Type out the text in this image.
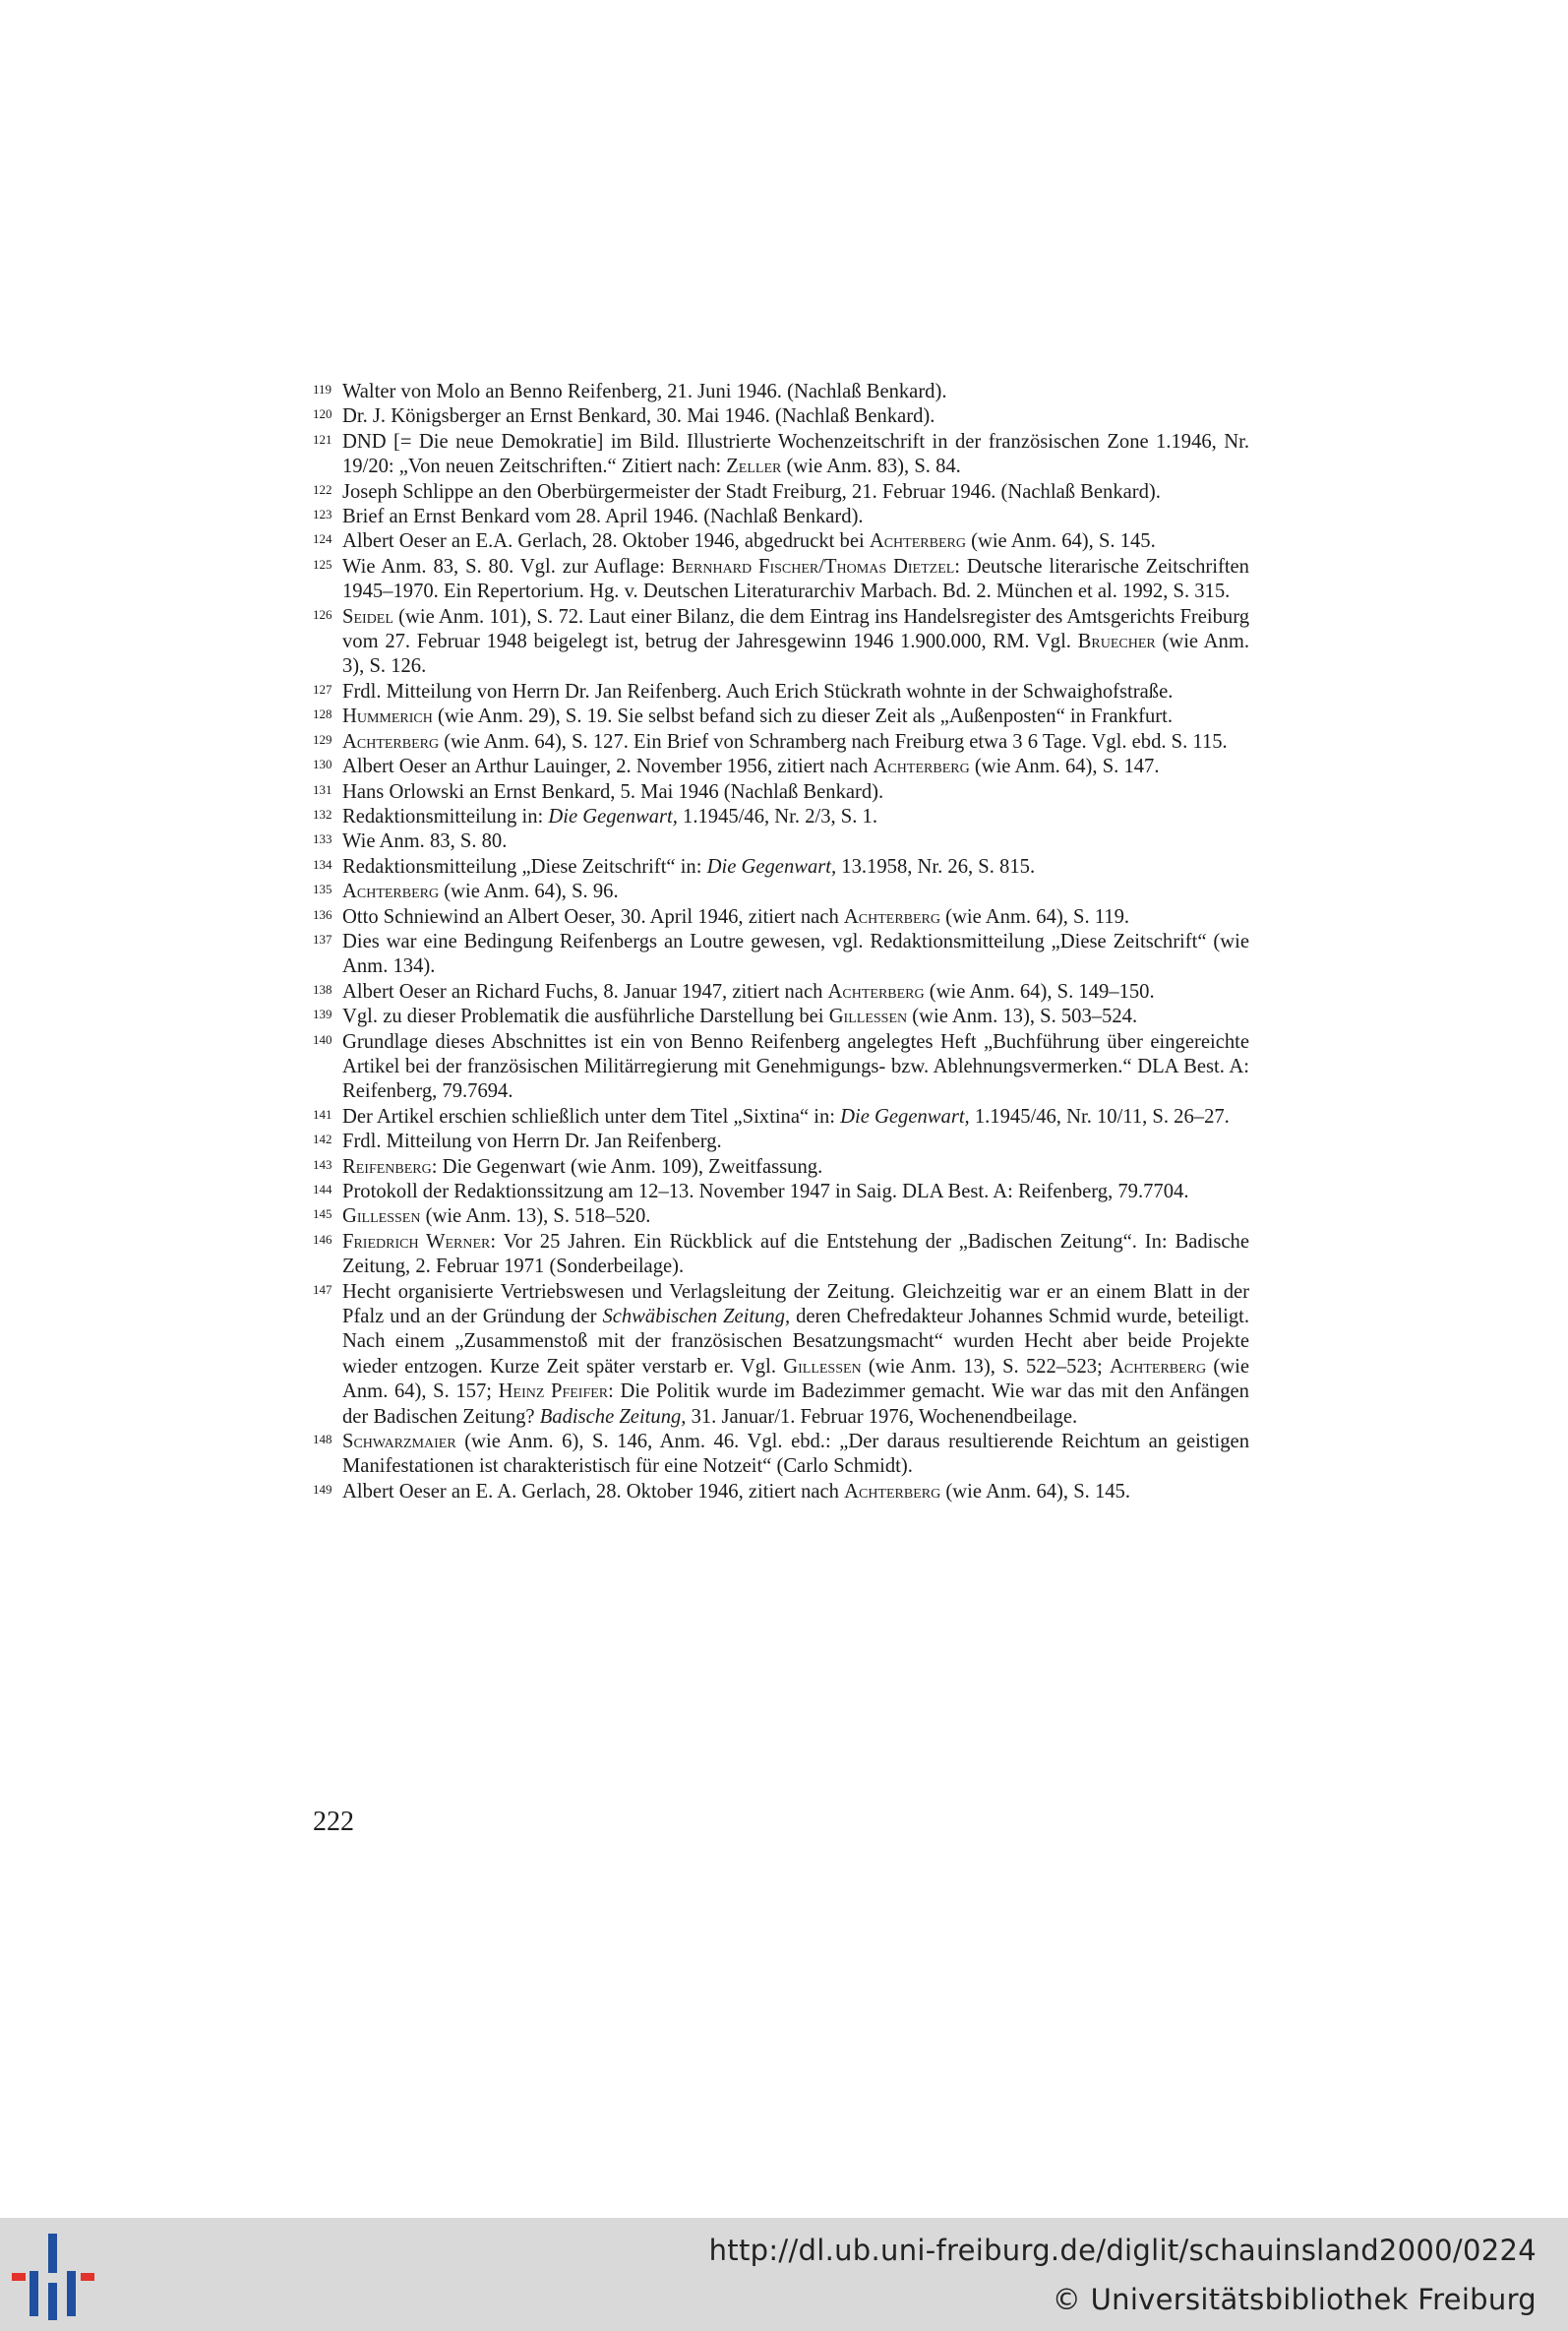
119 Walter von Molo an Benno Reifenberg, 21. Juni 1946. (Nachlaß Benkard).
120 Dr. J. Königsberger an Ernst Benkard, 30. Mai 1946. (Nachlaß Benkard).
121 DND [= Die neue Demokratie] im Bild. Illustrierte Wochenzeitschrift in der französischen Zone 1.1946, Nr. 19/20: „Von neuen Zeitschriften.“ Zitiert nach: Zeller (wie Anm. 83), S. 84.
122 Joseph Schlippe an den Oberbürgermeister der Stadt Freiburg, 21. Februar 1946. (Nachlaß Benkard).
123 Brief an Ernst Benkard vom 28. April 1946. (Nachlaß Benkard).
124 Albert Oeser an E.A. Gerlach, 28. Oktober 1946, abgedruckt bei Achterberg (wie Anm. 64), S. 145.
125 Wie Anm. 83, S. 80. Vgl. zur Auflage: Bernhard Fischer/Thomas Dietzel: Deutsche literarische Zeitschriften 1945–1970. Ein Repertorium. Hg. v. Deutschen Literaturarchiv Marbach. Bd. 2. München et al. 1992, S. 315.
126 Seidel (wie Anm. 101), S. 72. Laut einer Bilanz, die dem Eintrag ins Handelsregister des Amtsgerichts Freiburg vom 27. Februar 1948 beigelegt ist, betrug der Jahresgewinn 1946 1.900.000, RM. Vgl. Bruecher (wie Anm. 3), S. 126.
127 Frdl. Mitteilung von Herrn Dr. Jan Reifenberg. Auch Erich Stückrath wohnte in der Schwaighofstraße.
128 Hummerich (wie Anm. 29), S. 19. Sie selbst befand sich zu dieser Zeit als „Außenposten“ in Frankfurt.
129 Achterberg (wie Anm. 64), S. 127. Ein Brief von Schramberg nach Freiburg etwa 3 6 Tage. Vgl. ebd. S. 115.
130 Albert Oeser an Arthur Lauinger, 2. November 1956, zitiert nach Achterberg (wie Anm. 64), S. 147.
131 Hans Orlowski an Ernst Benkard, 5. Mai 1946 (Nachlaß Benkard).
132 Redaktionsmitteilung in: Die Gegenwart, 1.1945/46, Nr. 2/3, S. 1.
133 Wie Anm. 83, S. 80.
134 Redaktionsmitteilung „Diese Zeitschrift“ in: Die Gegenwart, 13.1958, Nr. 26, S. 815.
135 Achterberg (wie Anm. 64), S. 96.
136 Otto Schniewind an Albert Oeser, 30. April 1946, zitiert nach Achterberg (wie Anm. 64), S. 119.
137 Dies war eine Bedingung Reifenbergs an Loutre gewesen, vgl. Redaktionsmitteilung „Diese Zeitschrift“ (wie Anm. 134).
138 Albert Oeser an Richard Fuchs, 8. Januar 1947, zitiert nach Achterberg (wie Anm. 64), S. 149–150.
139 Vgl. zu dieser Problematik die ausführliche Darstellung bei Gillessen (wie Anm. 13), S. 503–524.
140 Grundlage dieses Abschnittes ist ein von Benno Reifenberg angelegtes Heft „Buchführung über eingereichte Artikel bei der französischen Militärregierung mit Genehmigungs- bzw. Ablehnungsvermerken.“ DLA Best. A: Reifenberg, 79.7694.
141 Der Artikel erschien schließlich unter dem Titel „Sixtina“ in: Die Gegenwart, 1.1945/46, Nr. 10/11, S. 26–27.
142 Frdl. Mitteilung von Herrn Dr. Jan Reifenberg.
143 Reifenberg: Die Gegenwart (wie Anm. 109), Zweitfassung.
144 Protokoll der Redaktionssitzung am 12–13. November 1947 in Saig. DLA Best. A: Reifenberg, 79.7704.
145 Gillessen (wie Anm. 13), S. 518–520.
146 Friedrich Werner: Vor 25 Jahren. Ein Rückblick auf die Entstehung der „Badischen Zeitung“. In: Badische Zeitung, 2. Februar 1971 (Sonderbeilage).
147 Hecht organisierte Vertriebswesen und Verlagsleitung der Zeitung. Gleichzeitig war er an einem Blatt in der Pfalz und an der Gründung der Schwäbischen Zeitung, deren Chefredakteur Johannes Schmid wurde, beteiligt. Nach einem „Zusammenstoß mit der französischen Besatzungsmacht“ wurden Hecht aber beide Projekte wieder entzogen. Kurze Zeit später verstarb er. Vgl. Gillessen (wie Anm. 13), S. 522–523; Achterberg (wie Anm. 64), S. 157; Heinz Pfeifer: Die Politik wurde im Badezimmer gemacht. Wie war das mit den Anfängen der Badischen Zeitung? Badische Zeitung, 31. Januar/1. Februar 1976, Wochenendbeilage.
148 Schwarzmaier (wie Anm. 6), S. 146, Anm. 46. Vgl. ebd.: „Der daraus resultierende Reichtum an geistigen Manifestationen ist charakteristisch für eine Notzeit“ (Carlo Schmidt).
149 Albert Oeser an E. A. Gerlach, 28. Oktober 1946, zitiert nach Achterberg (wie Anm. 64), S. 145.
222
http://dl.ub.uni-freiburg.de/diglit/schauinsland2000/0224
© Universitätsbibliothek Freiburg
